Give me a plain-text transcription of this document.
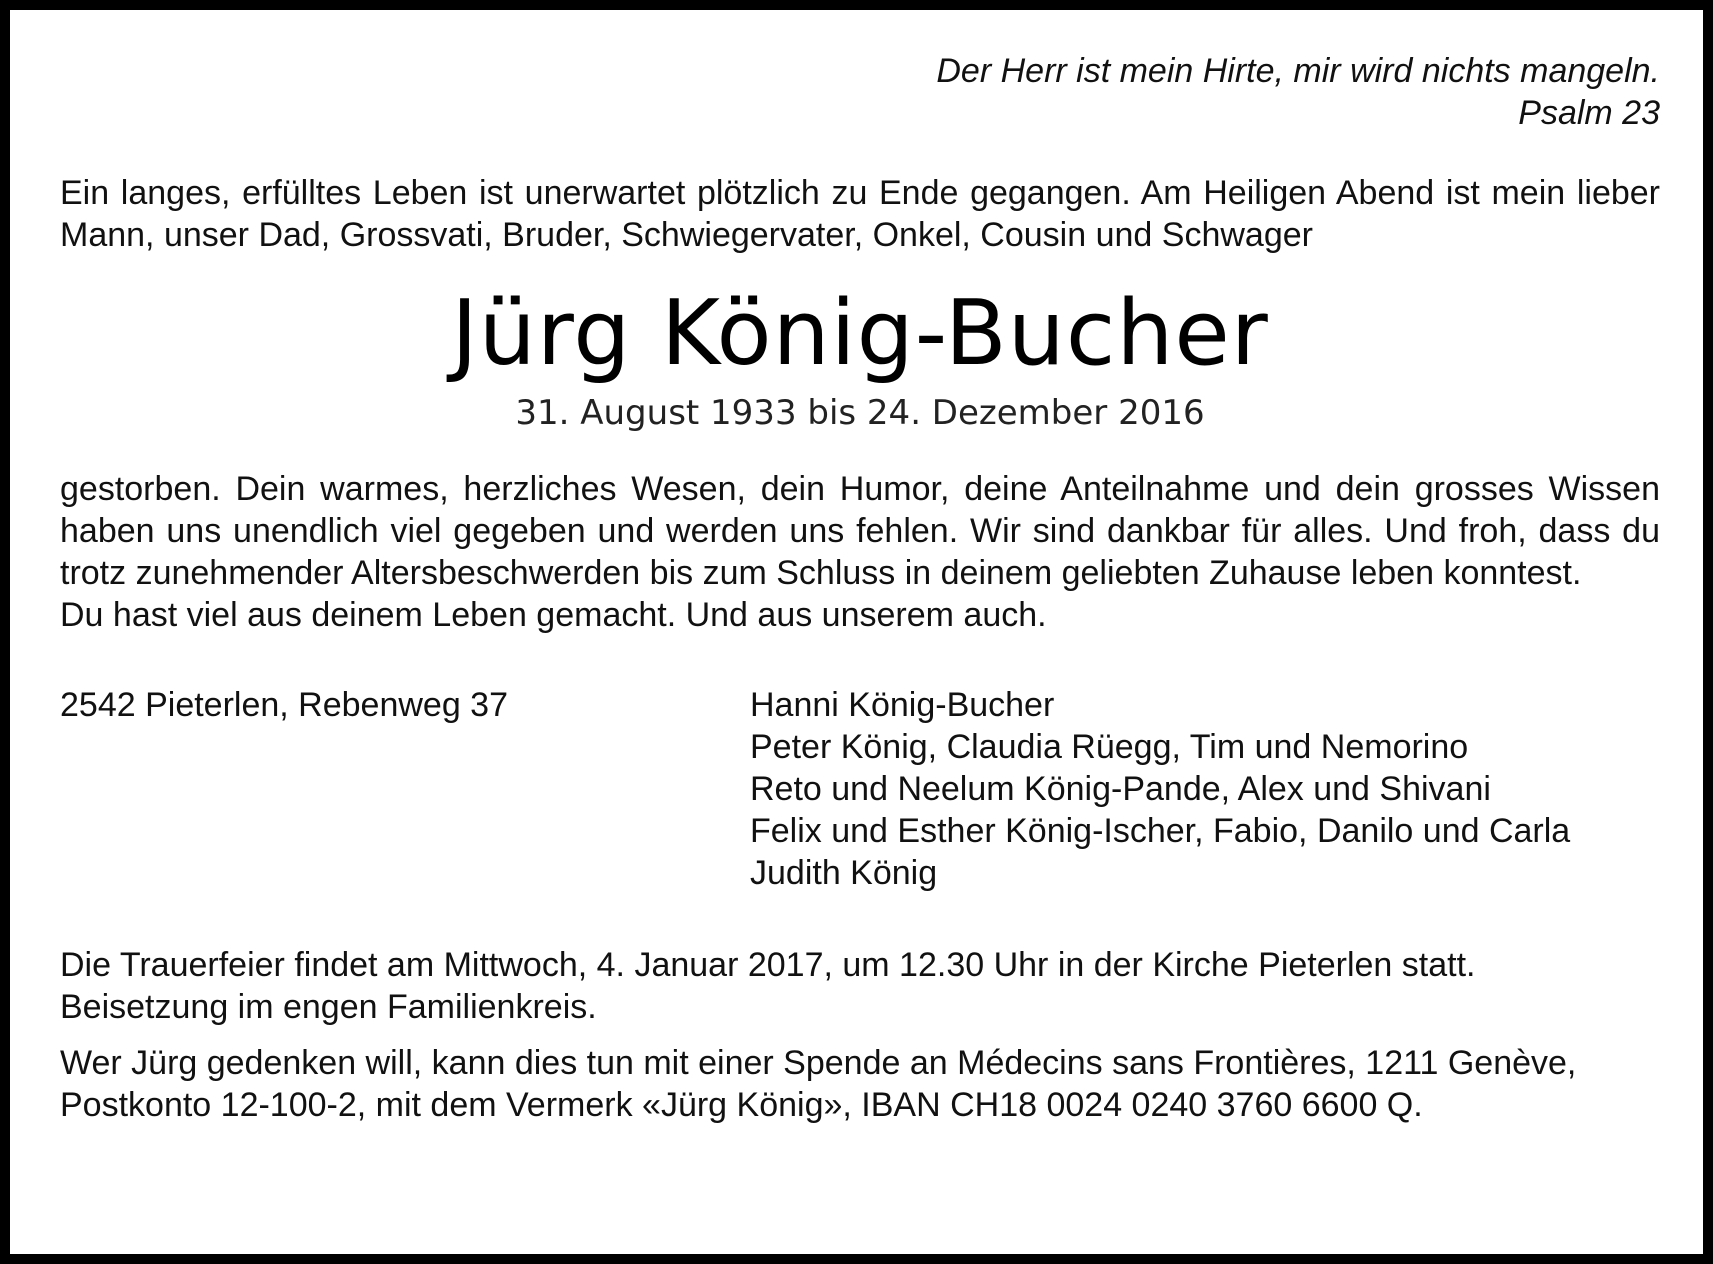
Der Herr ist mein Hirte, mir wird nichts mangeln.
Psalm 23

Ein langes, erfülltes Leben ist unerwartet plötzlich zu Ende gegangen. Am Heiligen Abend ist mein lieber Mann, unser Dad, Grossvati, Bruder, Schwiegervater, Onkel, Cousin und Schwager

Jürg König-Bucher
31. August 1933 bis 24. Dezember 2016

gestorben. Dein warmes, herzliches Wesen, dein Humor, deine Anteilnahme und dein grosses Wissen haben uns unendlich viel gegeben und werden uns fehlen. Wir sind dankbar für alles. Und froh, dass du trotz zunehmender Altersbeschwerden bis zum Schluss in deinem geliebten Zuhause leben konntest.

Du hast viel aus deinem Leben gemacht. Und aus unserem auch.

2542 Pieterlen, Rebenweg 37	Hanni König-Bucher
Peter König, Claudia Rüegg, Tim und Nemorino
Reto und Neelum König-Pande, Alex und Shivani
Felix und Esther König-Ischer, Fabio, Danilo und Carla
Judith König
Die Trauerfeier findet am Mittwoch, 4. Januar 2017, um 12.30 Uhr in der Kirche Pieterlen statt.
Beisetzung im engen Familienkreis.
Wer Jürg gedenken will, kann dies tun mit einer Spende an Médecins sans Frontières, 1211 Genève,
Postkonto 12-100-2, mit dem Vermerk «Jürg König», IBAN CH18 0024 0240 3760 6600 Q.
